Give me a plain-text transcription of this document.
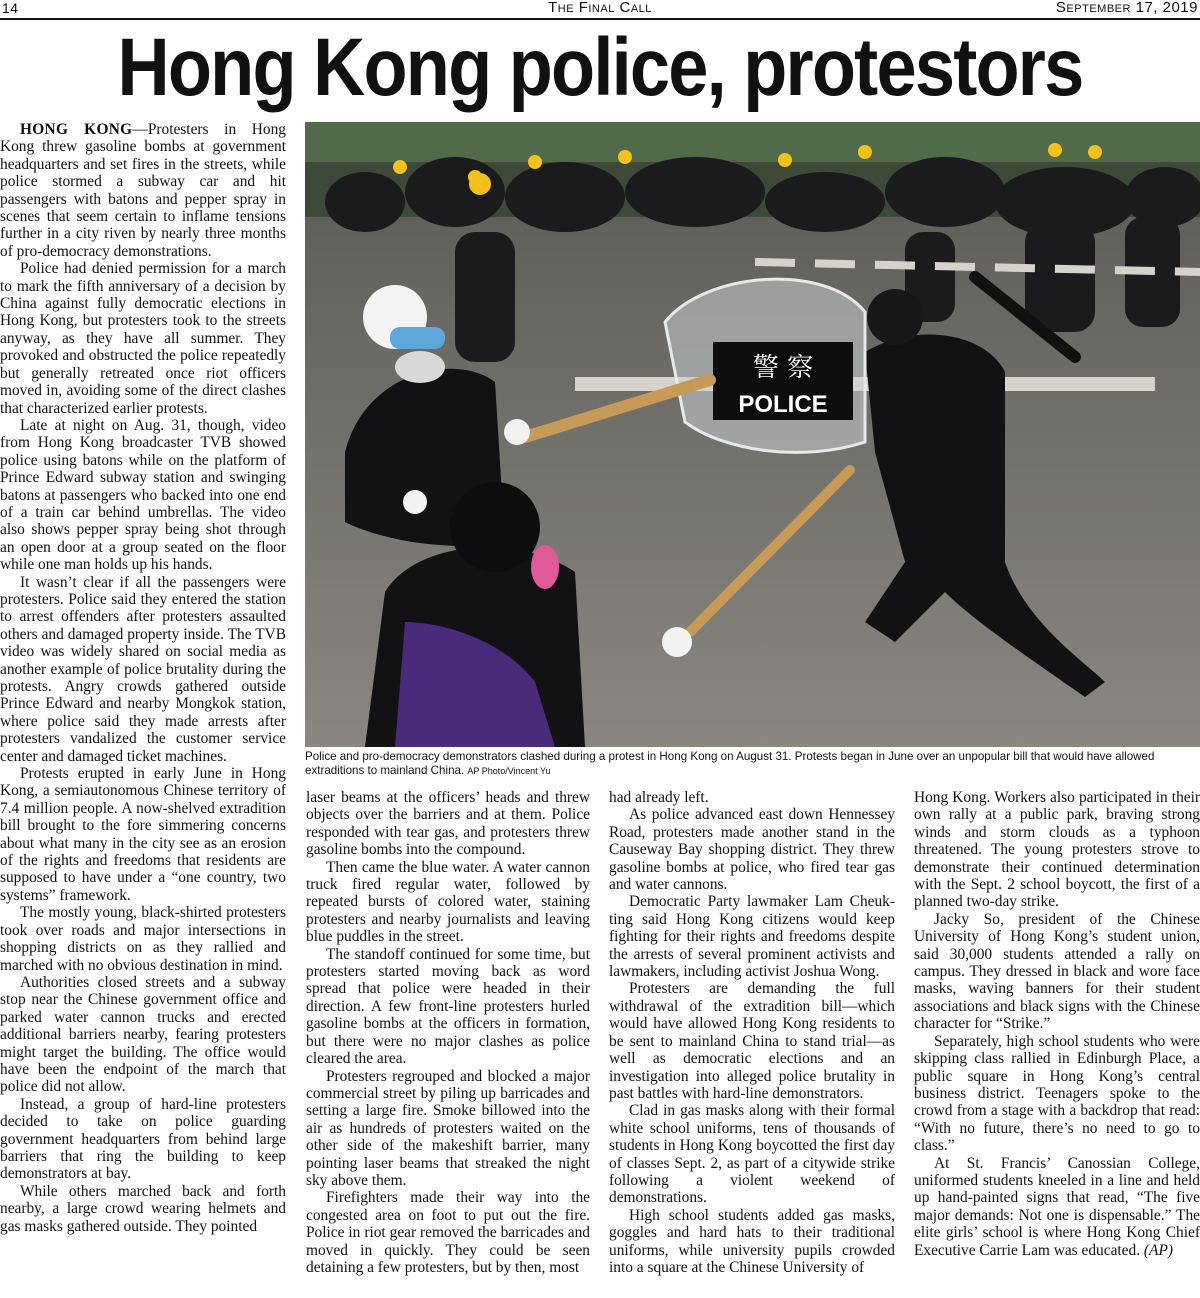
14	The Final Call	September 17, 2019
Hong Kong police, protestors

HONG KONG—Protesters in Hong Kong threw gasoline bombs at government headquarters and set fires in the streets, while police stormed a subway car and hit passengers with batons and pepper spray in scenes that seem certain to inflame tensions further in a city riven by nearly three months of pro-democracy demonstrations.

Police had denied permission for a march to mark the fifth anniversary of a decision by China against fully democratic elections in Hong Kong, but protesters took to the streets anyway, as they have all summer. They provoked and obstructed the police repeatedly but generally retreated once riot officers moved in, avoiding some of the direct clashes that characterized earlier protests.

Late at night on Aug. 31, though, video from Hong Kong broadcaster TVB showed police using batons while on the platform of Prince Edward subway station and swinging batons at passengers who backed into one end of a train car behind umbrellas. The video also shows pepper spray being shot through an open door at a group seated on the floor while one man holds up his hands.

It wasn’t clear if all the passengers were protesters. Police said they entered the station to arrest offenders after protesters assaulted others and damaged property inside. The TVB video was widely shared on social media as another example of police brutality during the protests. Angry crowds gathered outside Prince Edward and nearby Mongkok station, where police said they made arrests after protesters vandalized the customer service center and damaged ticket machines.

Protests erupted in early June in Hong Kong, a semiautonomous Chinese territory of 7.4 million people. A now-shelved extradition bill brought to the fore simmering concerns about what many in the city see as an erosion of the rights and freedoms that residents are supposed to have under a “one country, two systems” framework.

The mostly young, black-shirted protesters took over roads and major intersections in shopping districts on as they rallied and marched with no obvious destination in mind.

Authorities closed streets and a subway stop near the Chinese government office and parked water cannon trucks and erected additional barriers nearby, fearing protesters might target the building. The office would have been the endpoint of the march that police did not allow.

Instead, a group of hard-line protesters decided to take on police guarding government headquarters from behind large barriers that ring the building to keep demonstrators at bay.

While others marched back and forth nearby, a large crowd wearing helmets and gas masks gathered outside. They pointed

警 察
POLICE
Police and pro-democracy demonstrators clashed during a protest in Hong Kong on August 31. Protests began in June over an unpopular bill that would have allowed extraditions to mainland China. AP Photo/Vincent Yu

laser beams at the officers’ heads and threw objects over the barriers and at them. Police responded with tear gas, and protesters threw gasoline bombs into the compound.

Then came the blue water. A water cannon truck fired regular water, followed by repeated bursts of colored water, staining protesters and nearby journalists and leaving blue puddles in the street.

The standoff continued for some time, but protesters started moving back as word spread that police were headed in their direction. A few front-line protesters hurled gasoline bombs at the officers in formation, but there were no major clashes as police cleared the area.

Protesters regrouped and blocked a major commercial street by piling up barricades and setting a large fire. Smoke billowed into the air as hundreds of protesters waited on the other side of the makeshift barrier, many pointing laser beams that streaked the night sky above them.

Firefighters made their way into the congested area on foot to put out the fire. Police in riot gear removed the barricades and moved in quickly. They could be seen detaining a few protesters, but by then, most

had already left.

As police advanced east down Hennessey Road, protesters made another stand in the Causeway Bay shopping district. They threw gasoline bombs at police, who fired tear gas and water cannons.

Democratic Party lawmaker Lam Cheuk-ting said Hong Kong citizens would keep fighting for their rights and freedoms despite the arrests of several prominent activists and lawmakers, including activist Joshua Wong.

Protesters are demanding the full withdrawal of the extradition bill—which would have allowed Hong Kong residents to be sent to mainland China to stand trial—as well as democratic elections and an investigation into alleged police brutality in past battles with hard-line demonstrators.

Clad in gas masks along with their formal white school uniforms, tens of thousands of students in Hong Kong boycotted the first day of classes Sept. 2, as part of a citywide strike following a violent weekend of demonstrations.

High school students added gas masks, goggles and hard hats to their traditional uniforms, while university pupils crowded into a square at the Chinese University of

Hong Kong. Workers also participated in their own rally at a public park, braving strong winds and storm clouds as a typhoon threatened. The young protesters strove to demonstrate their continued determination with the Sept. 2 school boycott, the first of a planned two-day strike.

Jacky So, president of the Chinese University of Hong Kong’s student union, said 30,000 students attended a rally on campus. They dressed in black and wore face masks, waving banners for their student associations and black signs with the Chinese character for “Strike.”

Separately, high school students who were skipping class rallied in Edinburgh Place, a public square in Hong Kong’s central business district. Teenagers spoke to the crowd from a stage with a backdrop that read: “With no future, there’s no need to go to class.”

At St. Francis’ Canossian College, uniformed students kneeled in a line and held up hand-painted signs that read, “The five major demands: Not one is dispensable.” The elite girls’ school is where Hong Kong Chief Executive Carrie Lam was educated. (AP)
